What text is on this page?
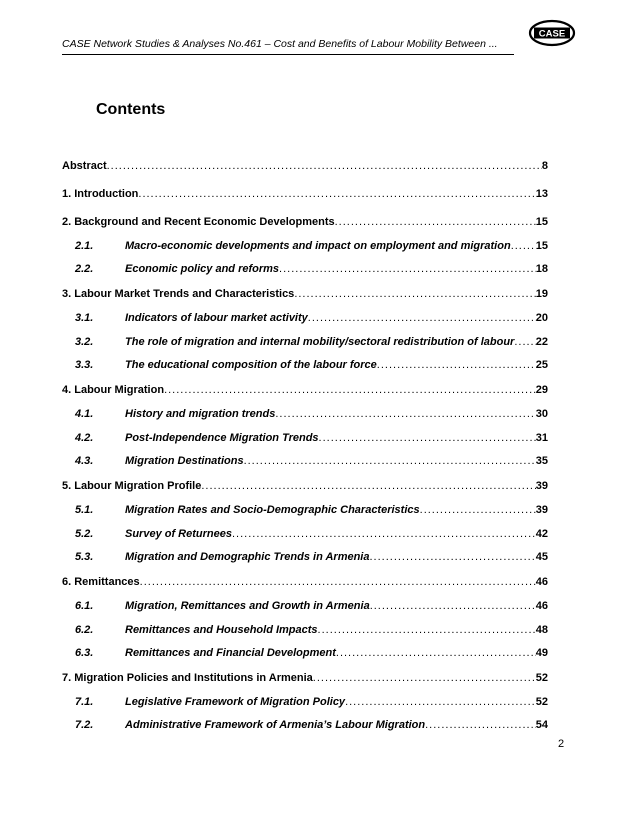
CASE Network Studies & Analyses No.461 – Cost and Benefits of Labour Mobility Between ...
CASE
Contents
Abstract .....	8
1. Introduction .....	13
2. Background and Recent Economic Developments .....	15
2.1.	Macro-economic developments and impact on employment and migration ..... 15
2.2.	Economic policy and reforms .....	18
3. Labour Market Trends and Characteristics .....	19
3.1.	Indicators of labour market activity .....	20
3.2.	The role of migration and internal mobility/sectoral redistribution of labour ..... 22
3.3.	The educational composition of the labour force .....	25
4. Labour Migration .....	29
4.1.	History and migration trends .....	30
4.2.	Post-Independence Migration Trends .....	31
4.3.	Migration Destinations .....	35
5. Labour Migration Profile .....	39
5.1.	Migration Rates and Socio-Demographic Characteristics .....	39
5.2.	Survey of Returnees .....	42
5.3.	Migration and Demographic Trends in Armenia .....	45
6. Remittances .....	46
6.1.	Migration, Remittances and Growth in Armenia .....	46
6.2.	Remittances and Household Impacts .....	48
6.3.	Remittances and Financial Development .....	49
7. Migration Policies and Institutions in Armenia .....	52
7.1.	Legislative Framework of Migration Policy .....	52
7.2.	Administrative Framework of Armenia’s Labour Migration .....	54
2
